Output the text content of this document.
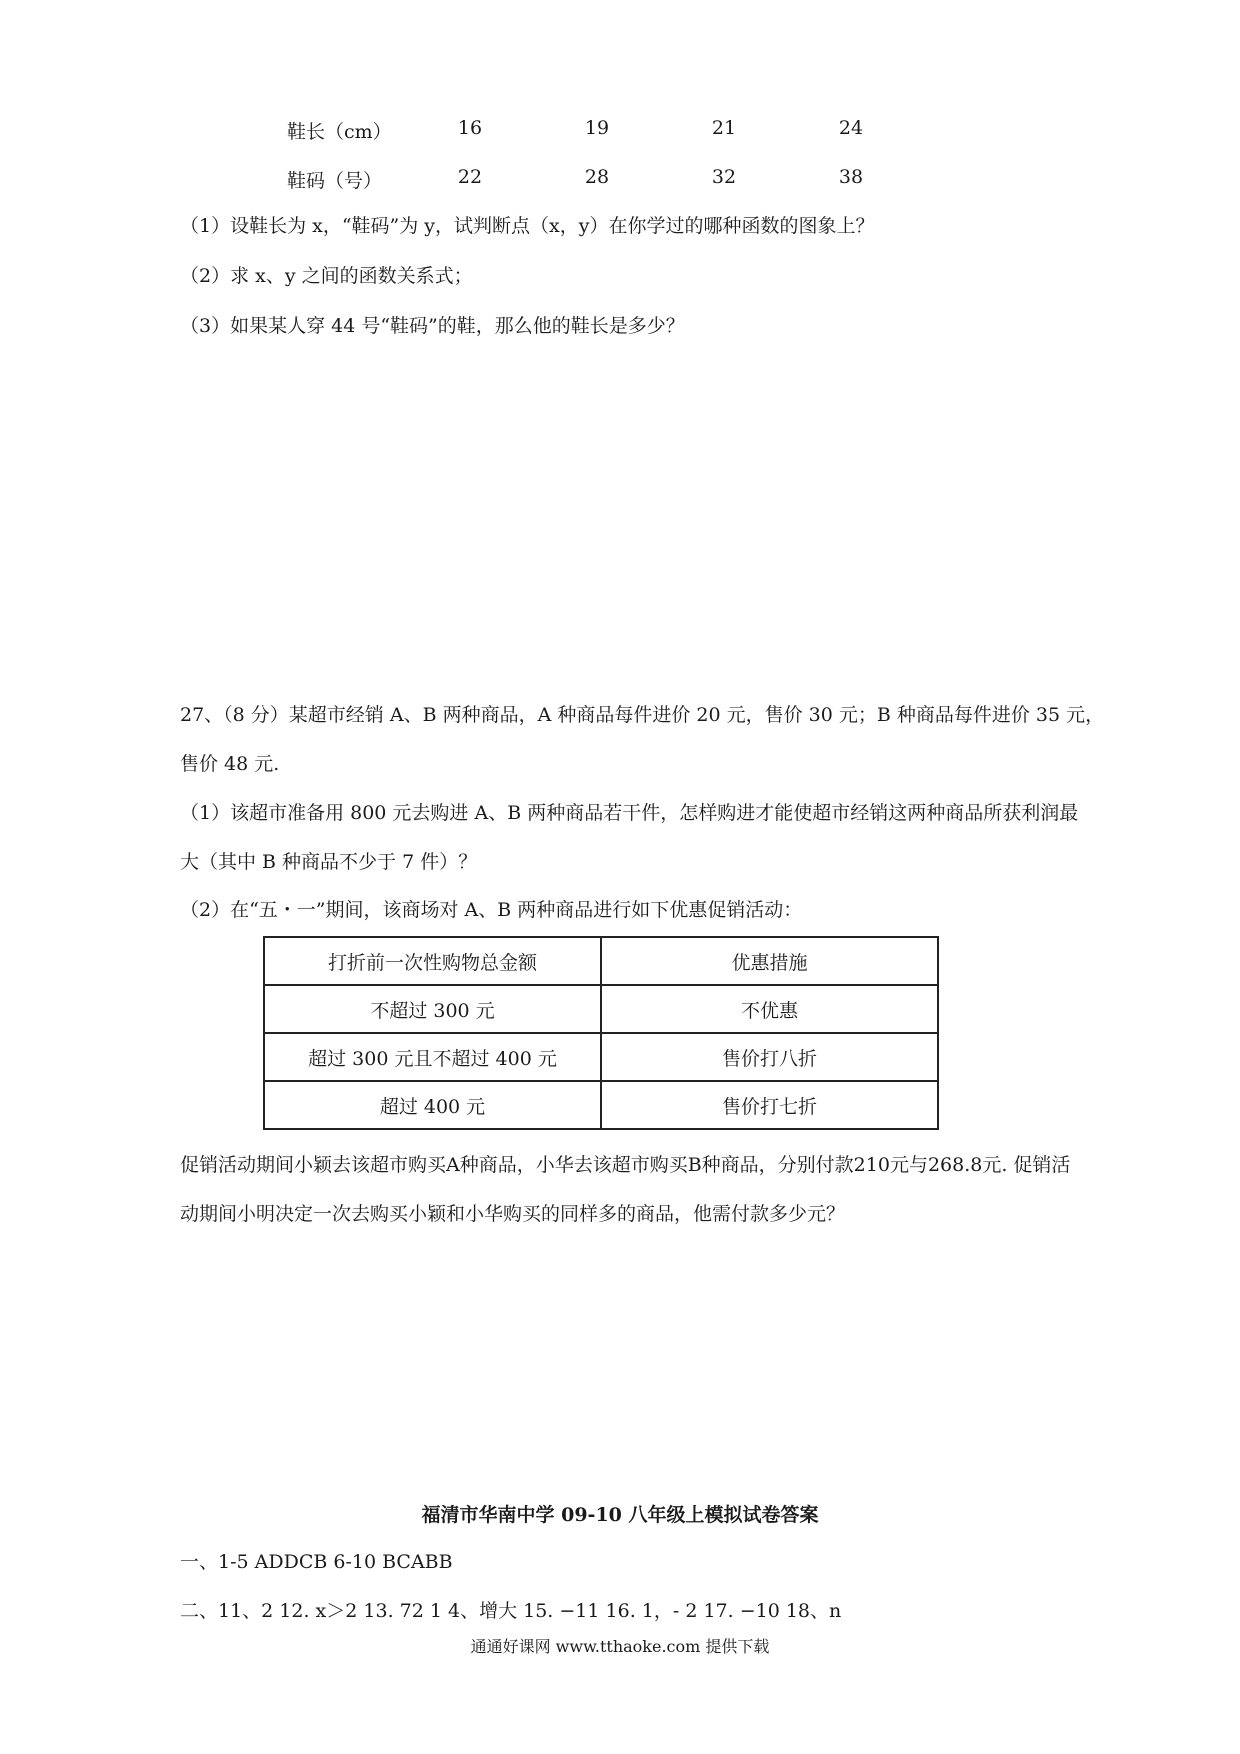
鞋长（cm）	16	19	21	24
鞋码（号）	22	28	32	38
（1）设鞋长为 x，“鞋码”为 y，试判断点（x，y）在你学过的哪种函数的图象上？
（2）求 x、y 之间的函数关系式；
（3）如果某人穿 44 号“鞋码”的鞋，那么他的鞋长是多少？
27、（8 分）某超市经销 A、B 两种商品，A 种商品每件进价 20 元，售价 30 元；B 种商品每件进价 35 元，
售价 48 元.
（1）该超市准备用 800 元去购进 A、B 两种商品若干件，怎样购进才能使超市经销这两种商品所获利润最
大（其中 B 种商品不少于 7 件）？
（2）在“五・一”期间，该商场对 A、B 两种商品进行如下优惠促销活动：
打折前一次性购物总金额	优惠措施
不超过 300 元	不优惠
超过 300 元且不超过 400 元	售价打八折
超过 400 元	售价打七折
促销活动期间小颖去该超市购买A种商品，小华去该超市购买B种商品，分别付款210元与268.8元. 促销活
动期间小明决定一次去购买小颖和小华购买的同样多的商品，他需付款多少元？
福清市华南中学 09-10 八年级上模拟试卷答案
一、1-5 ADDCB 6-10 BCABB
二、11、2 12. x＞2 13. 72 1 4、增大 15. −11 16. 1，- 2 17. −10 18、n
通通好课网 www.tthaoke.com 提供下载
